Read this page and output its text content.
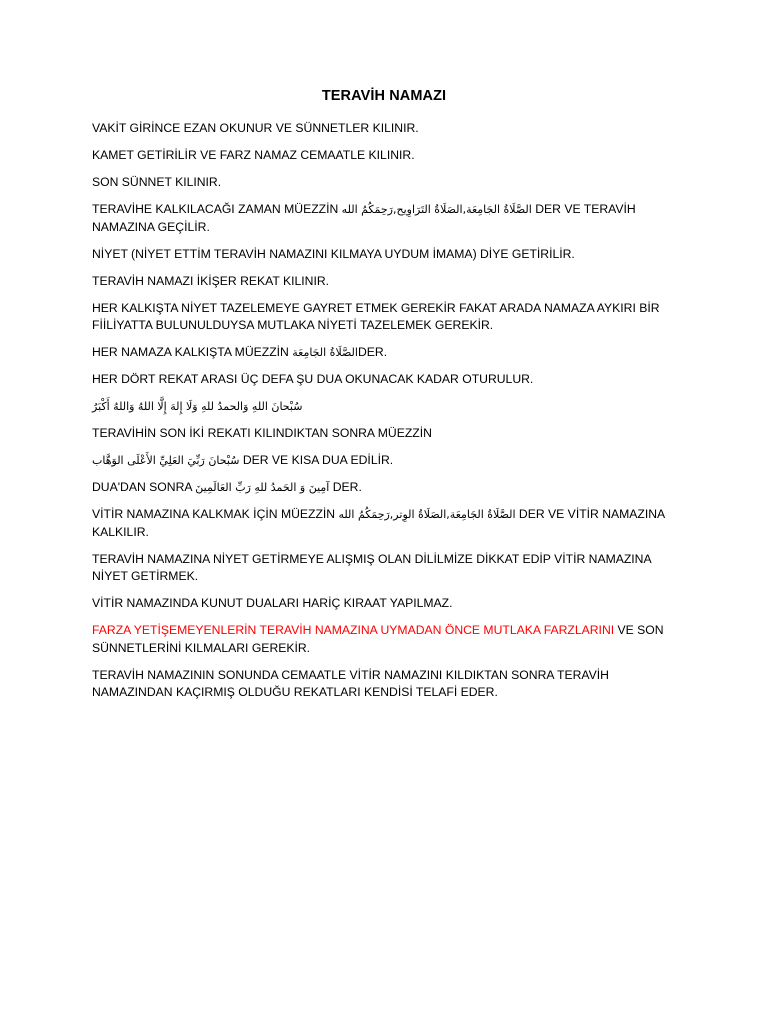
TERAVİH NAMAZI
VAKİT GİRİNCE EZAN OKUNUR VE SÜNNETLER KILINIR.
KAMET GETİRİLİR VE FARZ NAMAZ CEMAATLE KILINIR.
SON SÜNNET KILINIR.
TERAVİHE KALKILACAĞI ZAMAN MÜEZZİN الصَّلَاةُ الجَامِعَة,الصَلَاةُ التَرَاوِيح,رَحِمَكُمُ الله DER VE TERAVİH NAMAZINA GEÇİLİR.
NİYET (NİYET ETTİM TERAVİH NAMAZINI KILMAYA UYDUM İMAMA) DİYE GETİRİLİR.
TERAVİH NAMAZI İKİŞER REKAT KILINIR.
HER KALKIŞTA NİYET TAZELEMEYE GAYRET ETMEK GEREKİR FAKAT ARADA NAMAZA AYKIRI BİR FİİLİYATTA BULUNULDUYSA MUTLAKA NİYETİ TAZELEMEK GEREKİR.
HER NAMAZA KALKIŞTA MÜEZZİN الصَّلَاةُ الجَامِعَةDER.
HER DÖRT REKAT ARASI ÜÇ DEFA ŞU DUA OKUNACAK KADAR OTURULUR.
سُبْحانَ اللهِ وَالحمدُ للهِ وَلَا إِلهَ إِلَّا اللهُ وَاللهُ أَكْبَرُ
TERAVİHİN SON İKİ REKATI KILINDIKTAN SONRA MÜEZZİN
سُبْحانَ رَبِّيَ العَلِيِّ الأَعْلَى الوَهَّاب DER VE KISA DUA EDİLİR.
DUA'DAN SONRA آمِينَ وَ الحَمدُ للهِ رَبِّ العَالَمِينَ DER.
VİTİR NAMAZINA KALKMAK İÇİN MÜEZZİN الصَّلَاةُ الجَامِعَة,الصَلَاةُ الوِتر,رَحِمَكُمُ الله DER VE VİTİR NAMAZINA KALKILIR.
TERAVİH NAMAZINA NİYET GETİRMEYE ALIŞMIŞ OLAN DİLİLMİZE DİKKAT EDİP VİTİR NAMAZINA NİYET GETİRMEK.
VİTİR NAMAZINDA KUNUT DUALARI HARİÇ KIRAAT YAPILMAZ.
FARZA YETİŞEMEYENLERİN TERAVİH NAMAZINA UYMADAN ÖNCE MUTLAKA FARZLARINI VE SON SÜNNETLERİNİ KILMALARI GEREKİR.
TERAVİH NAMAZININ SONUNDA CEMAATLE VİTİR NAMAZINI KILDIKTAN SONRA TERAVİH NAMAZINDAN KAÇIRMIŞ OLDUĞU REKATLARI KENDİSİ TELAFİ EDER.
